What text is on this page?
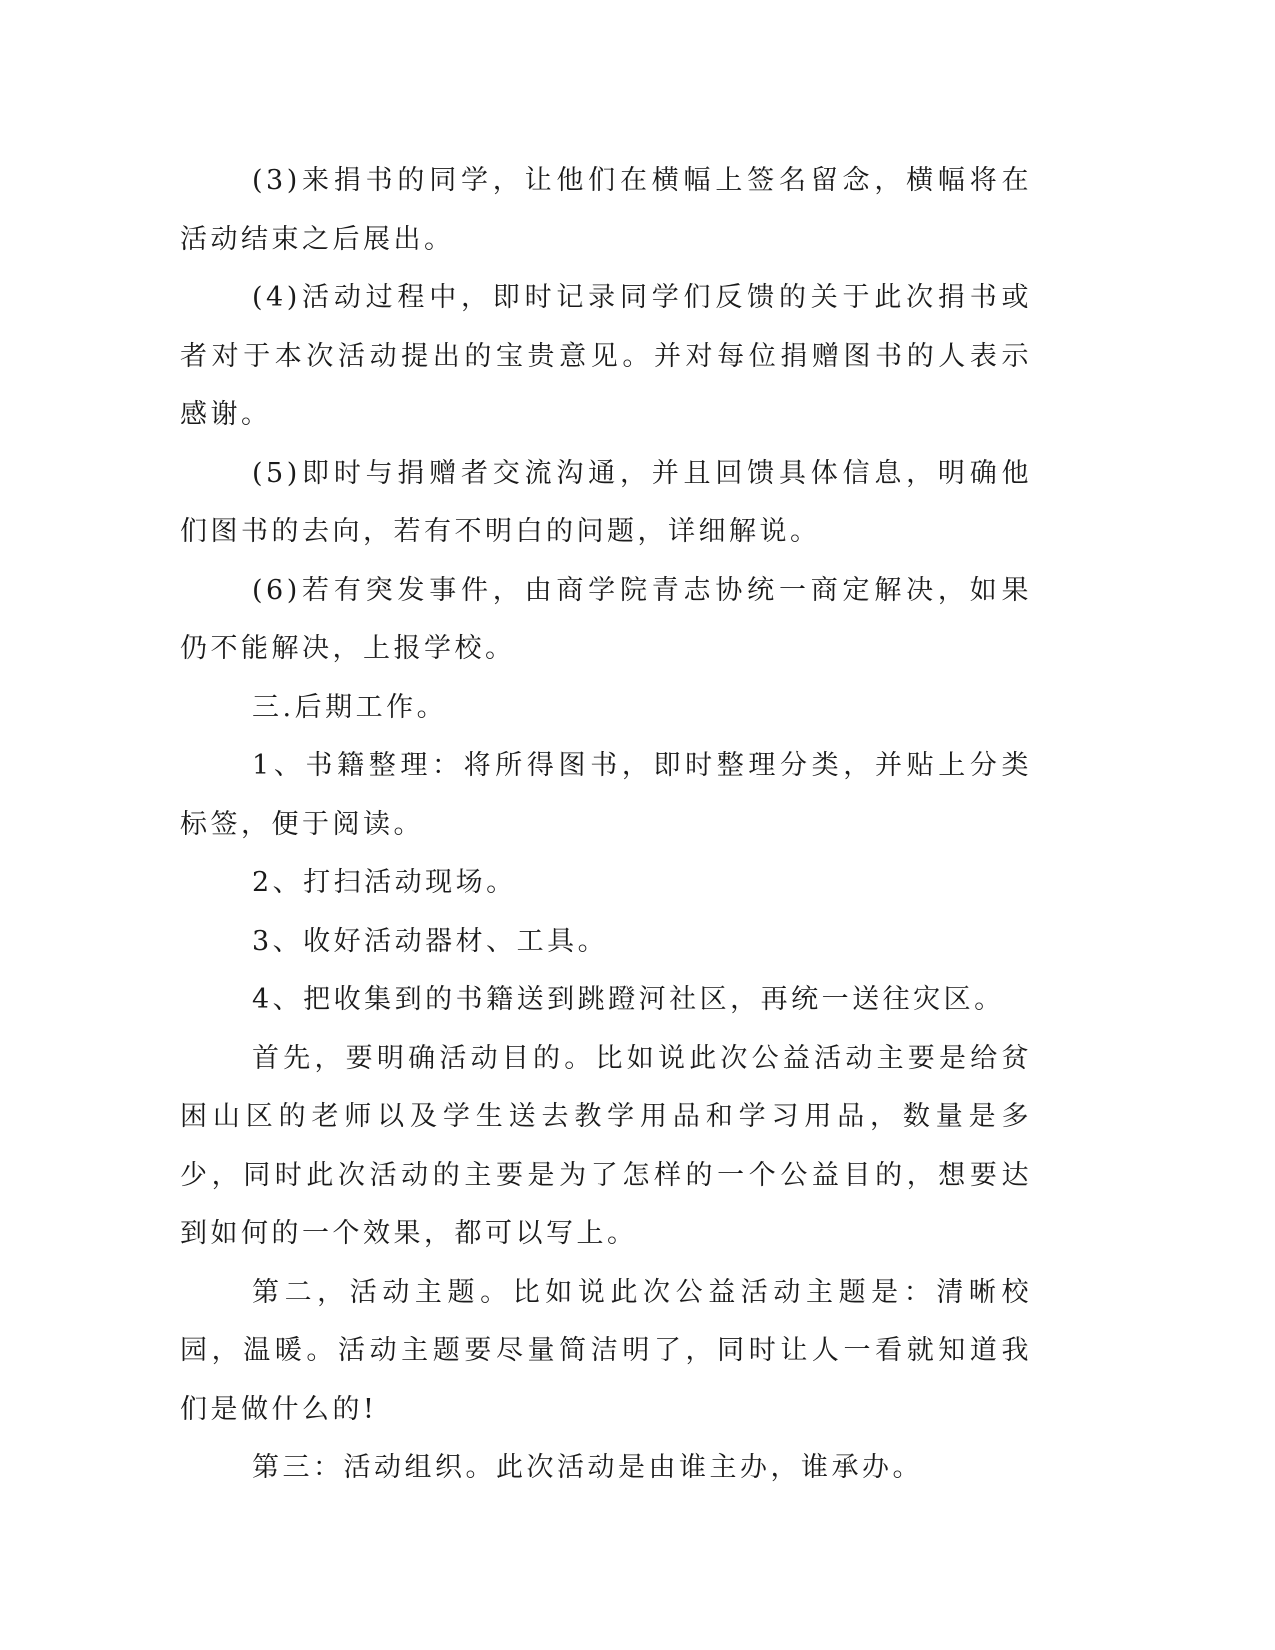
(3)来捐书的同学，让他们在横幅上签名留念，横幅将在活动结束之后展出。

(4)活动过程中，即时记录同学们反馈的关于此次捐书或者对于本次活动提出的宝贵意见。并对每位捐赠图书的人表示感谢。

(5)即时与捐赠者交流沟通，并且回馈具体信息，明确他们图书的去向，若有不明白的问题，详细解说。

(6)若有突发事件，由商学院青志协统一商定解决，如果仍不能解决，上报学校。

三.后期工作。

1、书籍整理：将所得图书，即时整理分类，并贴上分类标签，便于阅读。

2、打扫活动现场。

3、收好活动器材、工具。

4、把收集到的书籍送到跳蹬河社区，再统一送往灾区。

首先，要明确活动目的。比如说此次公益活动主要是给贫困山区的老师以及学生送去教学用品和学习用品，数量是多少，同时此次活动的主要是为了怎样的一个公益目的，想要达到如何的一个效果，都可以写上。

第二，活动主题。比如说此次公益活动主题是：清晰校园，温暖。活动主题要尽量简洁明了，同时让人一看就知道我们是做什么的!

第三：活动组织。此次活动是由谁主办，谁承办。
